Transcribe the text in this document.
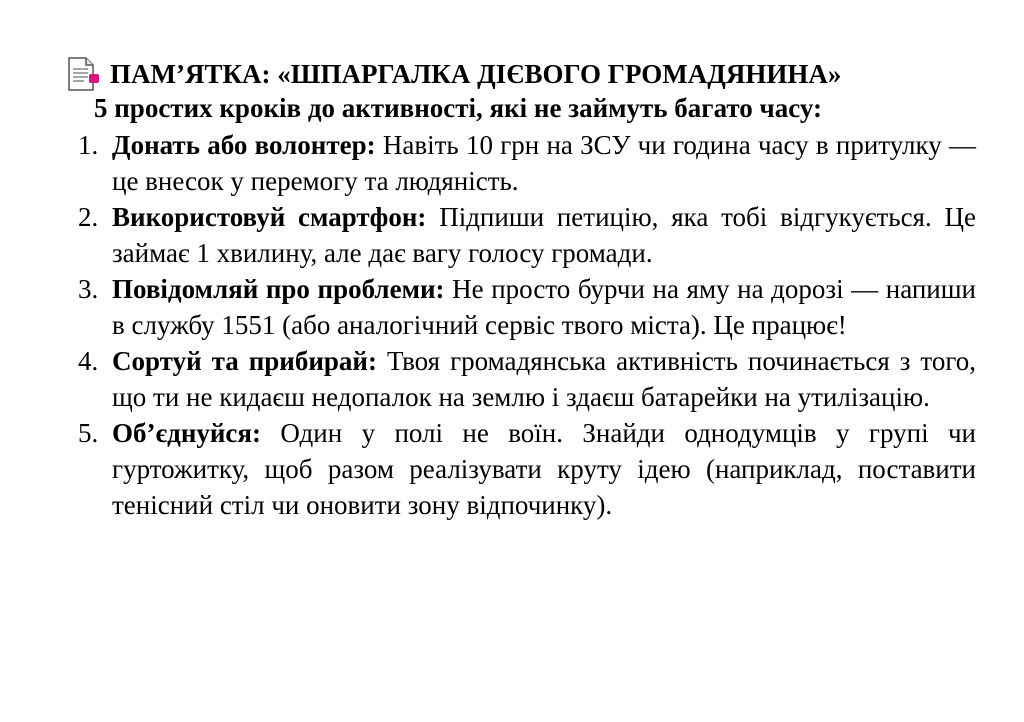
ПАМ’ЯТКА: «ШПАРГАЛКА ДІЄВОГО ГРОМАДЯНИНА»
5 простих кроків до активності, які не займуть багато часу:
1. Донать або волонтер: Навіть 10 грн на ЗСУ чи година часу в притулку — це внесок у перемогу та людяність.
2. Використовуй смартфон: Підпиши петицію, яка тобі відгукується. Це займає 1 хвилину, але дає вагу голосу громади.
3. Повідомляй про проблеми: Не просто бурчи на яму на дорозі — напиши в службу 1551 (або аналогічний сервіс твого міста). Це працює!
4. Сортуй та прибирай: Твоя громадянська активність починається з того, що ти не кидаєш недопалок на землю і здаєш батарейки на утилізацію.
5. Об’єднуйся: Один у полі не воїн. Знайди однодумців у групі чи гуртожитку, щоб разом реалізувати круту ідею (наприклад, поставити тенісний стіл чи оновити зону відпочинку).
